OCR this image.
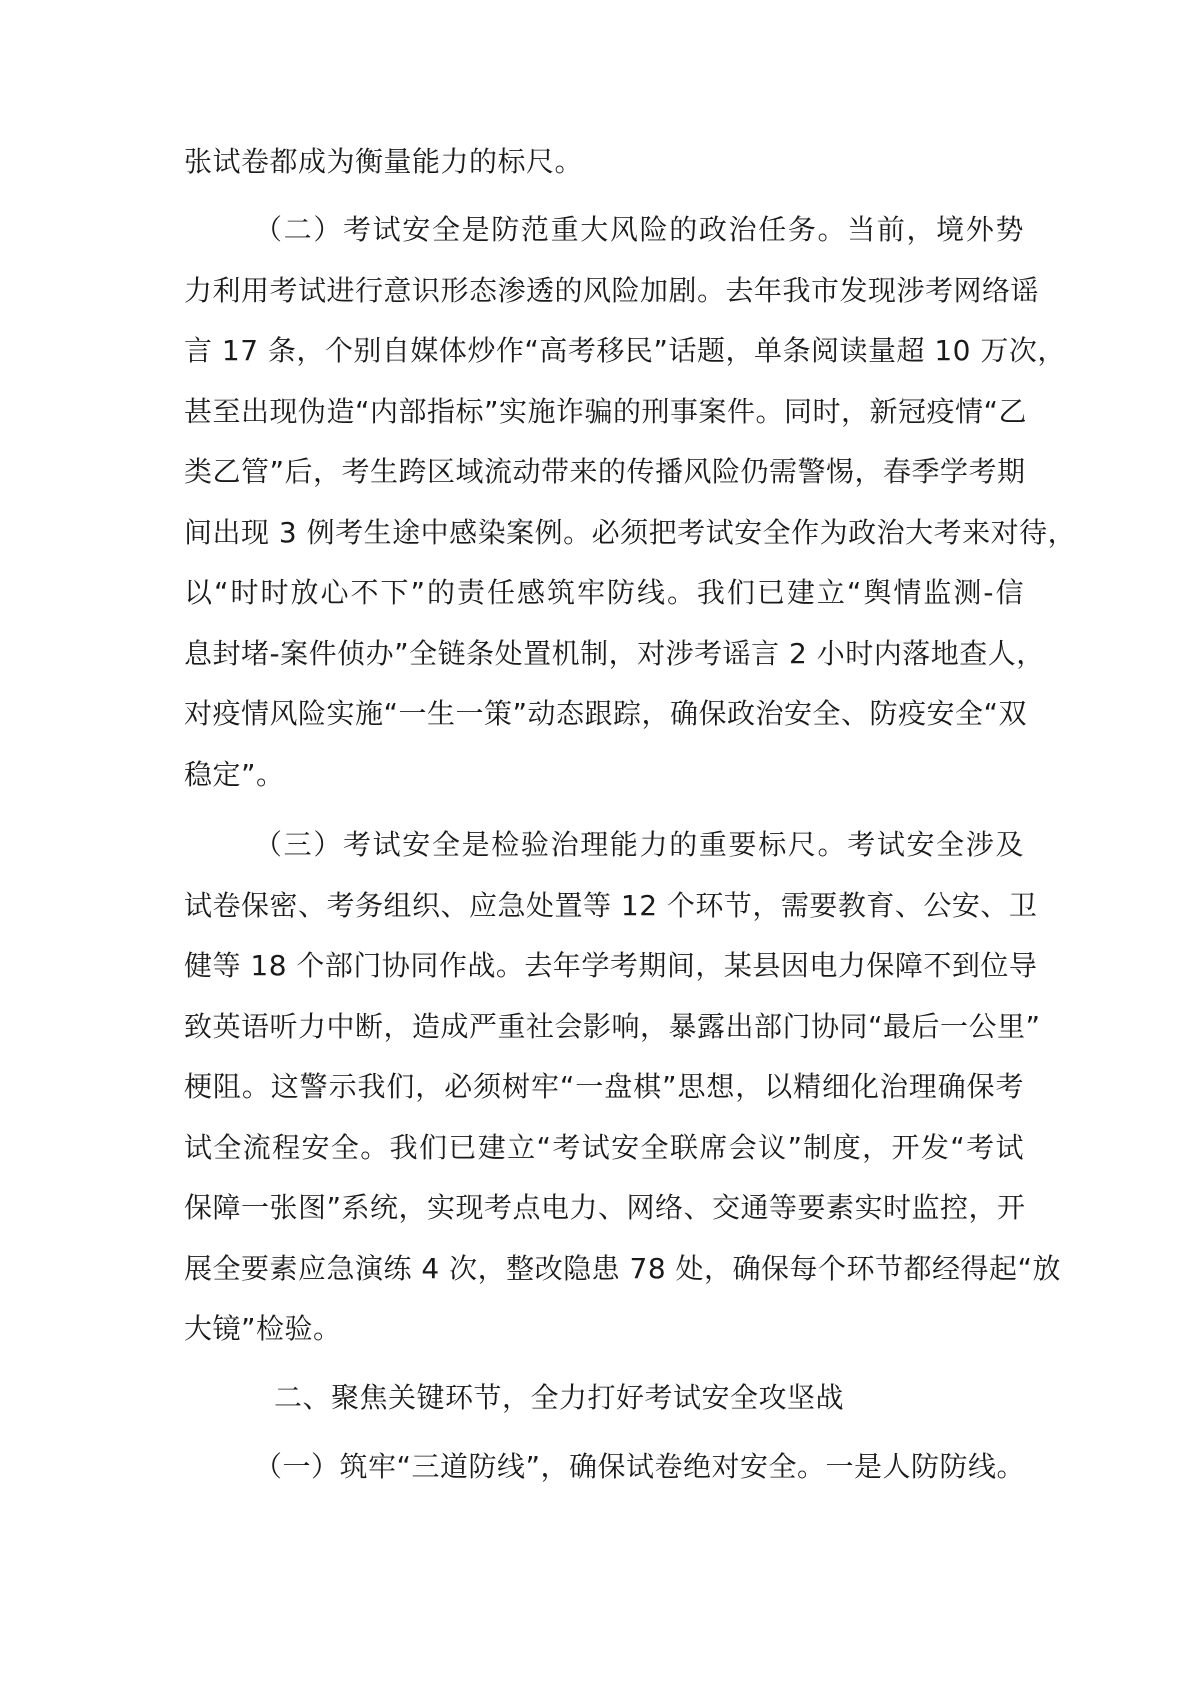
张试卷都成为衡量能力的标尺。
（二）考试安全是防范重大风险的政治任务。当前，境外势
力利用考试进行意识形态渗透的风险加剧。去年我市发现涉考网络谣
言 17 条，个别自媒体炒作“高考移民”话题，单条阅读量超 10 万次，
甚至出现伪造“内部指标”实施诈骗的刑事案件。同时，新冠疫情“乙
类乙管”后，考生跨区域流动带来的传播风险仍需警惕，春季学考期
间出现 3 例考生途中感染案例。必须把考试安全作为政治大考来对待，
以“时时放心不下”的责任感筑牢防线。我们已建立“舆情监测-信
息封堵-案件侦办”全链条处置机制，对涉考谣言 2 小时内落地查人，
对疫情风险实施“一生一策”动态跟踪，确保政治安全、防疫安全“双
稳定”。
（三）考试安全是检验治理能力的重要标尺。考试安全涉及
试卷保密、考务组织、应急处置等 12 个环节，需要教育、公安、卫
健等 18 个部门协同作战。去年学考期间，某县因电力保障不到位导
致英语听力中断，造成严重社会影响，暴露出部门协同“最后一公里”
梗阻。这警示我们，必须树牢“一盘棋”思想，以精细化治理确保考
试全流程安全。我们已建立“考试安全联席会议”制度，开发“考试
保障一张图”系统，实现考点电力、网络、交通等要素实时监控，开
展全要素应急演练 4 次，整改隐患 78 处，确保每个环节都经得起“放
大镜”检验。
二、聚焦关键环节，全力打好考试安全攻坚战
（一）筑牢“三道防线”，确保试卷绝对安全。一是人防防线。
